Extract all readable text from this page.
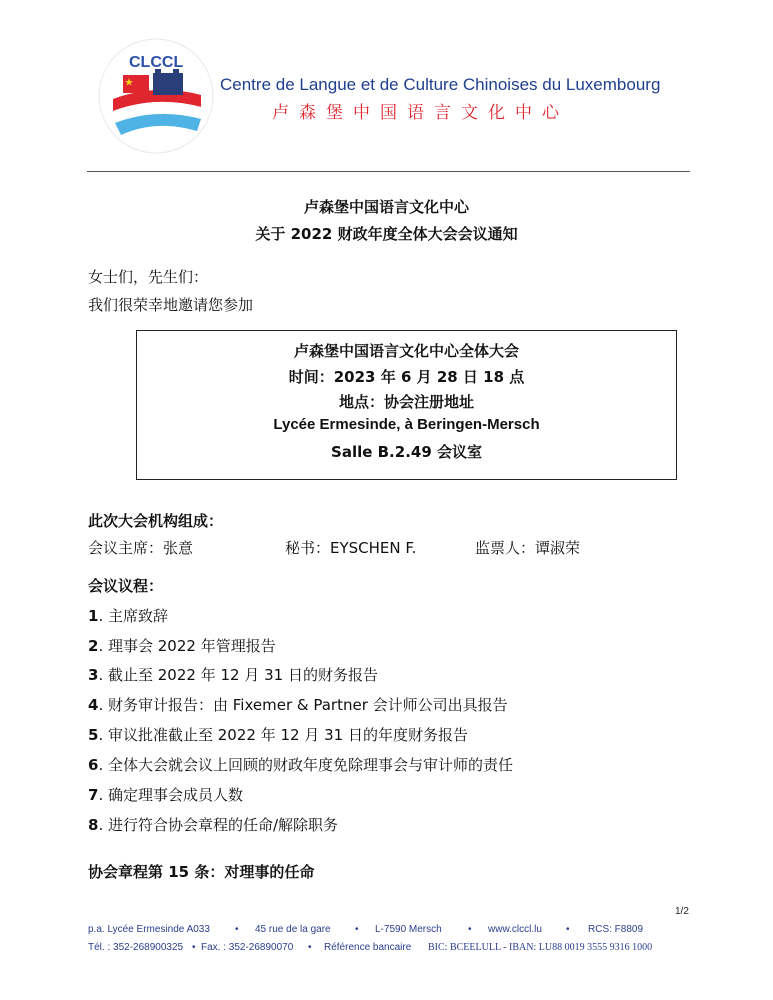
CLCCL
Centre de Langue et de Culture Chinoises du Luxembourg
卢森堡中国语言文化中心
卢森堡中国语言文化中心
关于 2022 财政年度全体大会会议通知
女士们，先生们：
我们很荣幸地邀请您参加
卢森堡中国语言文化中心全体大会
时间：2023 年 6 月 28 日 18 点
地点：协会注册地址
Lycée Ermesinde, à Beringen-Mersch
Salle B.2.49 会议室
此次大会机构组成：
会议主席：张意	秘书：EYSCHEN F.	监票人：谭淑荣
会议议程：
1. 主席致辞
2. 理事会 2022 年管理报告
3. 截止至 2022 年 12 月 31 日的财务报告
4. 财务审计报告：由 Fixemer & Partner 会计师公司出具报告
5. 审议批准截止至 2022 年 12 月 31 日的年度财务报告
6. 全体大会就会议上回顾的财政年度免除理事会与审计师的责任
7. 确定理事会成员人数
8. 进行符合协会章程的任命/解除职务
协会章程第 15 条：对理事的任命
1/2
p.a. Lycée Ermesinde A033	• 45 rue de la gare • L-7590 Mersch	• www.clccl.lu • RCS: F8809
Tél. : 352-268900325 • Fax. : 352-26890070 • Référence bancaire BIC: BCEELULL - IBAN: LU88 0019 3555 9316 1000
